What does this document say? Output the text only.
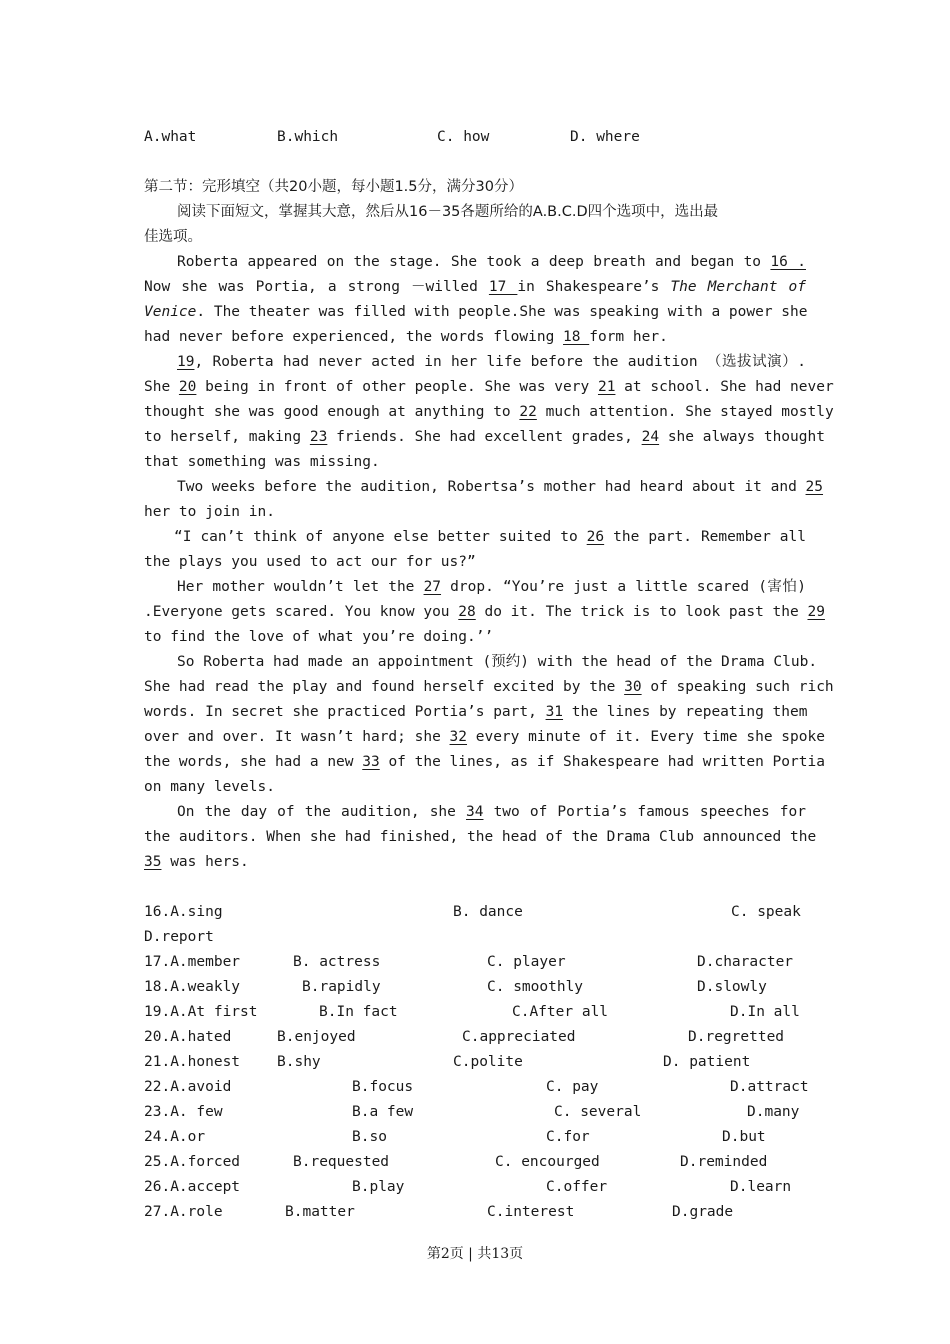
A.what	B.which	C. how	D. where
第二节：完形填空（共20小题，每小题1.5分，满分30分）
阅读下面短文，掌握其大意，然后从16－35各题所给的A.B.C.D四个选项中，选出最
佳选项。
Roberta appeared on the stage. She took a deep breath and began to 16 .
Now she was Portia, a strong －willed 17 in Shakespeare’s The Merchant of
Venice. The theater was filled with people.She was speaking with a power she
had never before experienced, the words flowing 18 form her.
19, Roberta had never acted in her life before the audition （选拔试演）.
She 20 being in front of other people. She was very 21 at school. She had never
thought she was good enough at anything to 22 much attention. She stayed mostly
to herself, making 23 friends. She had excellent grades, 24 she always thought
that something was missing.
Two weeks before the audition, Robertsa’s mother had heard about it and 25
her to join in.
“I can’t think of anyone else better suited to 26 the part. Remember all
the plays you used to act our for us?”
Her mother wouldn’t let the 27 drop. “You’re just a little scared (害怕)
.Everyone gets scared. You know you 28 do it. The trick is to look past the 29
to find the love of what you’re doing.’’
So Roberta had made an appointment (预约) with the head of the Drama Club.
She had read the play and found herself excited by the 30 of speaking such rich
words. In secret she practiced Portia’s part, 31 the lines by repeating them
over and over. It wasn’t hard; she 32 every minute of it. Every time she spoke
the words, she had a new 33 of the lines, as if Shakespeare had written Portia
on many levels.
On the day of the audition, she 34 two of Portia’s famous speeches for
the auditors. When she had finished, the head of the Drama Club announced the
35 was hers.
16.A.sing	B. dance	C. speak
D.report
17.A.member	B. actress	C. player	D.character
18.A.weakly	B.rapidly	C. smoothly	D.slowly
19.A.At first	B.In fact	C.After all	D.In all
20.A.hated	B.enjoyed	C.appreciated	D.regretted
21.A.honest	B.shy	C.polite	D. patient
22.A.avoid	B.focus	C. pay	D.attract
23.A. few	B.a few	C. several	D.many
24.A.or	B.so	C.for	D.but
25.A.forced	B.requested	C. encourged	D.reminded
26.A.accept	B.play	C.offer	D.learn
27.A.role	B.matter	C.interest	D.grade
第2页 | 共13页
